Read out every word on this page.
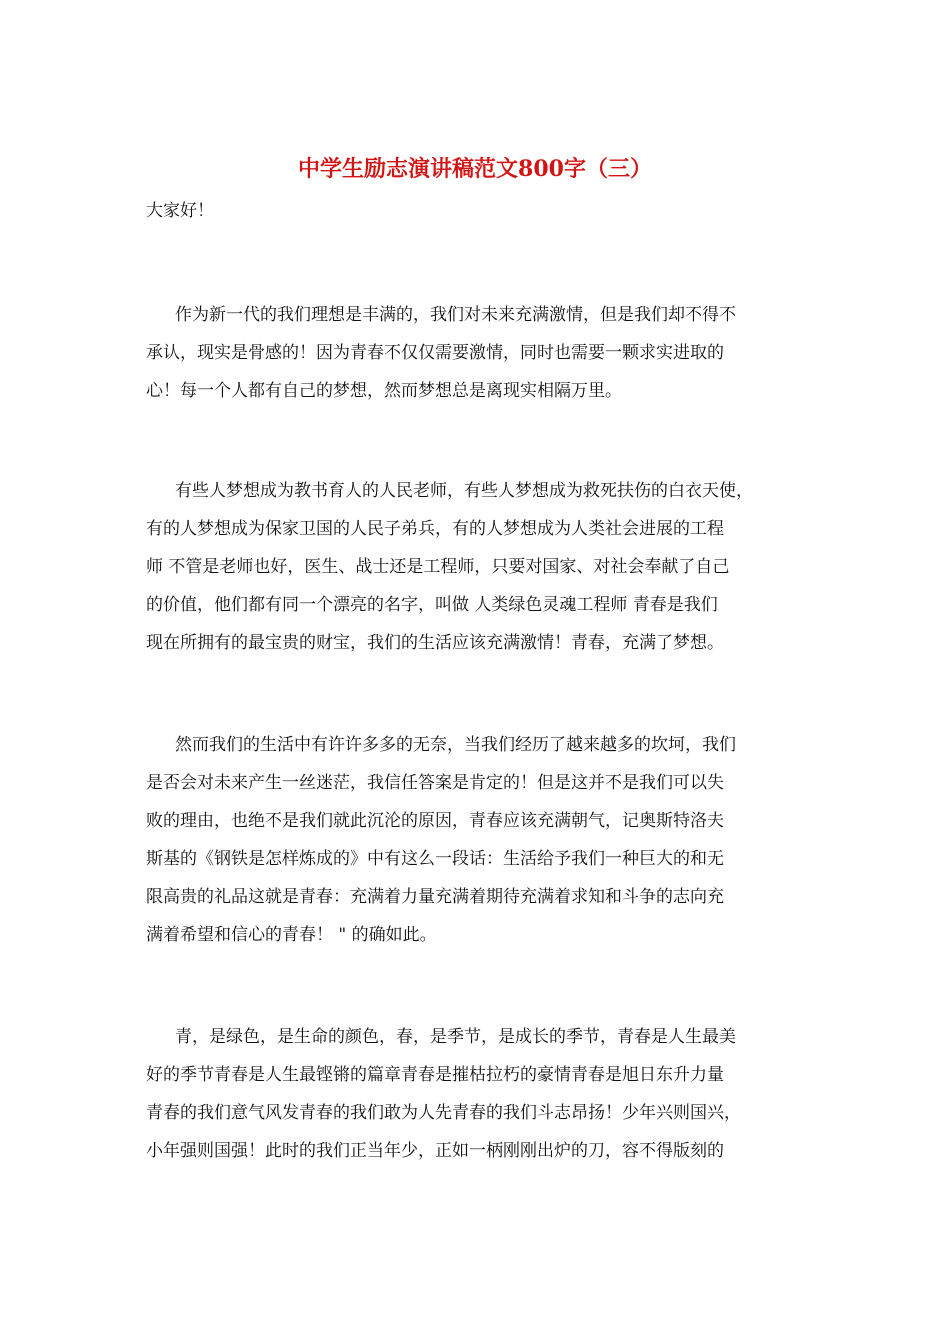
中学生励志演讲稿范文800字（三）
大家好！
作为新一代的我们理想是丰满的，我们对未来充满激情，但是我们却不得不
承认，现实是骨感的！因为青春不仅仅需要激情，同时也需要一颗求实进取的
心！每一个人都有自己的梦想，然而梦想总是离现实相隔万里。
有些人梦想成为教书育人的人民老师，有些人梦想成为救死扶伤的白衣天使，
有的人梦想成为保家卫国的人民子弟兵，有的人梦想成为人类社会进展的工程
师 不管是老师也好，医生、战士还是工程师，只要对国家、对社会奉献了自己
的价值，他们都有同一个漂亮的名字，叫做 人类绿色灵魂工程师 青春是我们
现在所拥有的最宝贵的财宝，我们的生活应该充满激情！青春，充满了梦想。
然而我们的生活中有许许多多的无奈，当我们经历了越来越多的坎坷，我们
是否会对未来产生一丝迷茫，我信任答案是肯定的！但是这并不是我们可以失
败的理由，也绝不是我们就此沉沦的原因，青春应该充满朝气，记奥斯特洛夫
斯基的《钢铁是怎样炼成的》中有这么一段话：生活给予我们一种巨大的和无
限高贵的礼品这就是青春：充满着力量充满着期待充满着求知和斗争的志向充
满着希望和信心的青春！ " 的确如此。
青，是绿色，是生命的颜色，春，是季节，是成长的季节，青春是人生最美
好的季节青春是人生最铿锵的篇章青春是摧枯拉朽的豪情青春是旭日东升力量
青春的我们意气风发青春的我们敢为人先青春的我们斗志昂扬！少年兴则国兴，
小年强则国强！此时的我们正当年少，正如一柄刚刚出炉的刀，容不得版刻的
